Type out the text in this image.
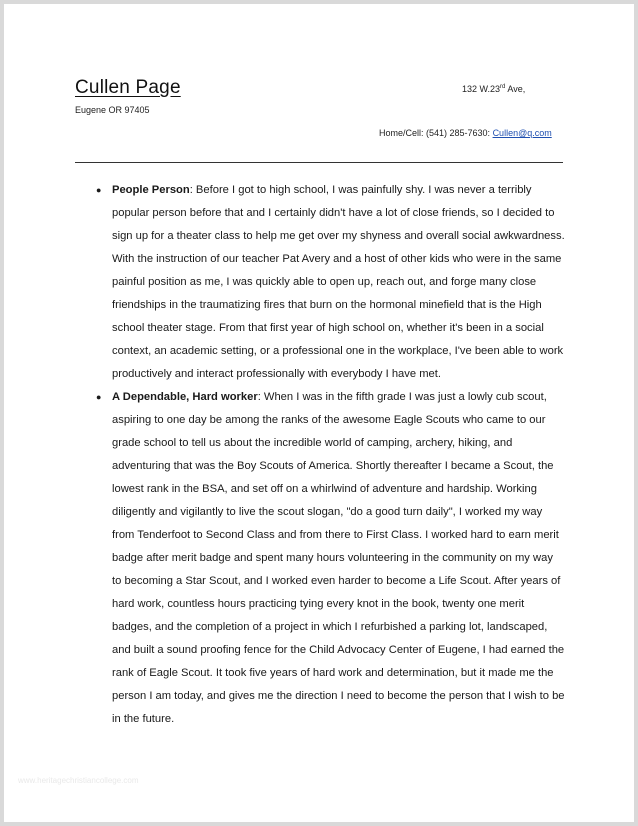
Cullen Page	132 W.23rd Ave,
Eugene OR 97405
Home/Cell: (541) 285-7630: Cullen@q.com
● People Person: Before I got to high school, I was painfully shy. I was never a terribly popular person before that and I certainly didn't have a lot of close friends, so I decided to sign up for a theater class to help me get over my shyness and overall social awkwardness. With the instruction of our teacher Pat Avery and a host of other kids who were in the same painful position as me, I was quickly able to open up, reach out, and forge many close friendships in the traumatizing fires that burn on the hormonal minefield that is the High school theater stage. From that first year of high school on, whether it's been in a social context, an academic setting, or a professional one in the workplace, I've been able to work productively and interact professionally with everybody I have met.
● A Dependable, Hard worker: When I was in the fifth grade I was just a lowly cub scout, aspiring to one day be among the ranks of the awesome Eagle Scouts who came to our grade school to tell us about the incredible world of camping, archery, hiking, and adventuring that was the Boy Scouts of America. Shortly thereafter I became a Scout, the lowest rank in the BSA, and set off on a whirlwind of adventure and hardship. Working diligently and vigilantly to live the scout slogan, "do a good turn daily", I worked my way from Tenderfoot to Second Class and from there to First Class. I worked hard to earn merit badge after merit badge and spent many hours volunteering in the community on my way to becoming a Star Scout, and I worked even harder to become a Life Scout. After years of hard work, countless hours practicing tying every knot in the book, twenty one merit badges, and the completion of a project in which I refurbished a parking lot, landscaped, and built a sound proofing fence for the Child Advocacy Center of Eugene, I had earned the rank of Eagle Scout. It took five years of hard work and determination, but it made me the person I am today, and gives me the direction I need to become the person that I wish to be in the future.
www.heritagechristiancollege.com
